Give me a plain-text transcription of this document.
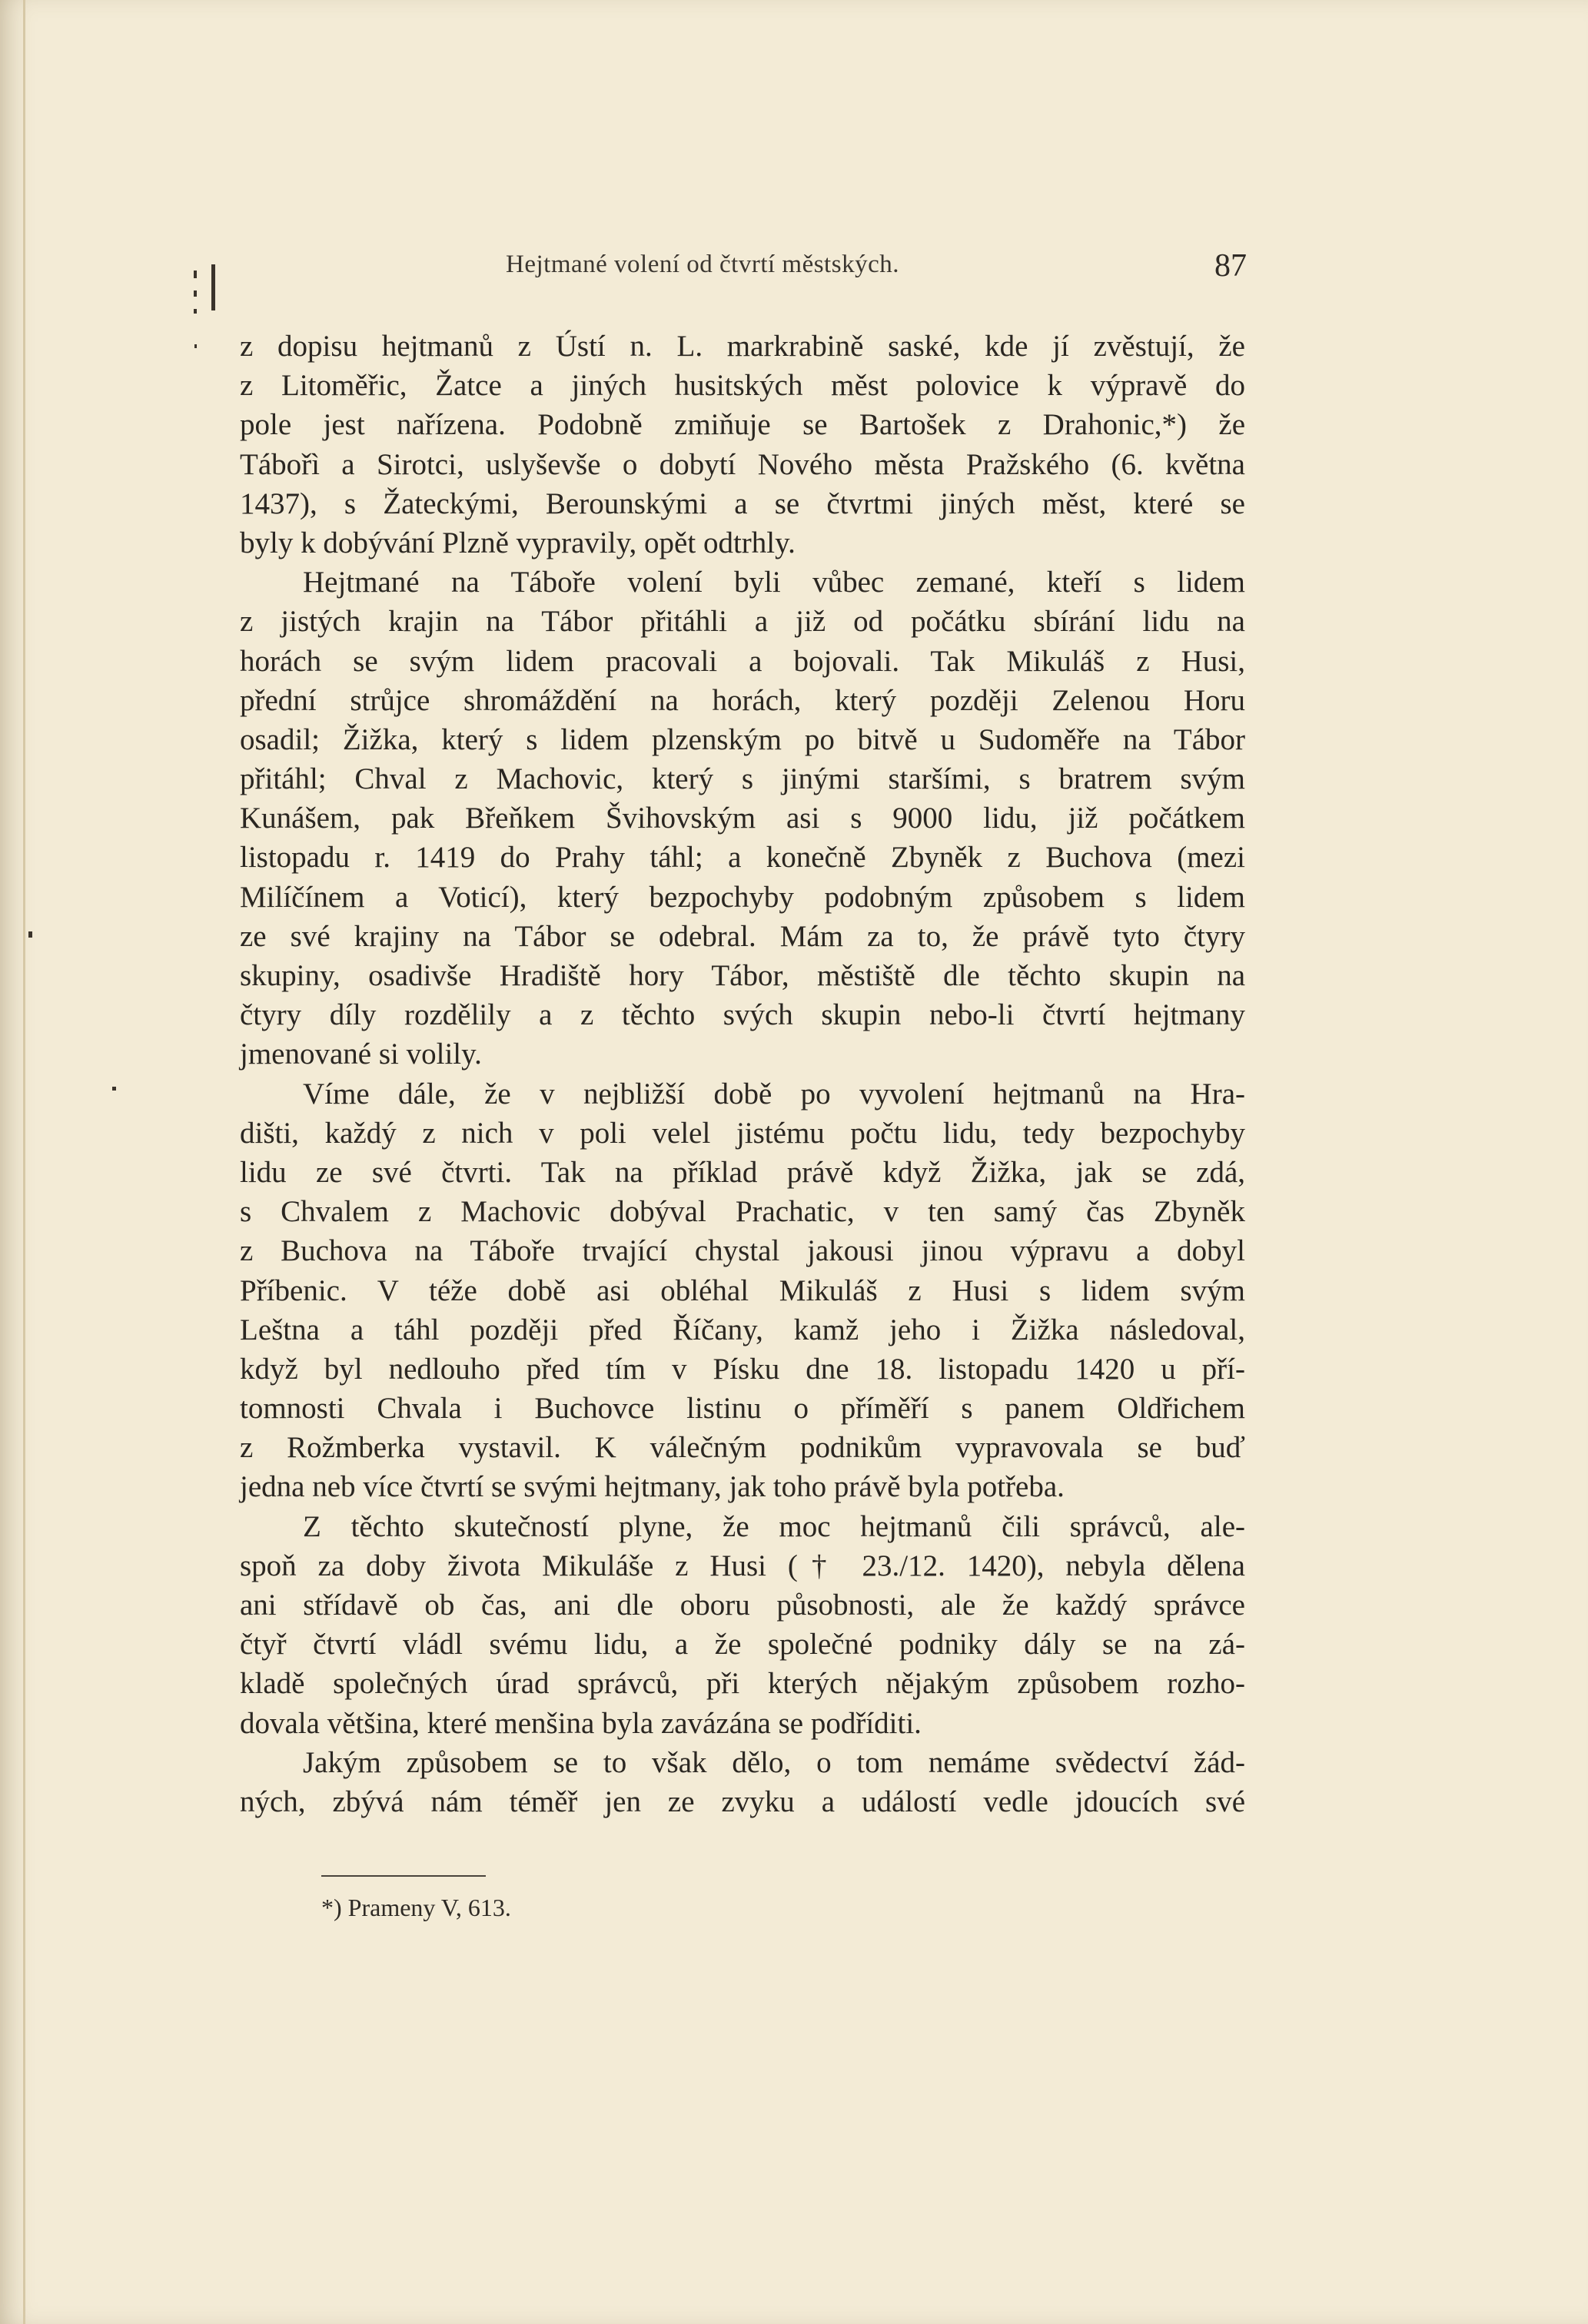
Hejtmané volení od čtvrtí městských.	87
z dopisu hejtmanů z Ústí n. L. markrabině saské, kde jí zvěstují, že
z Litoměřic, Žatce a jiných husitských měst polovice k výpravě do
pole jest nařízena. Podobně zmiňuje se Bartošek z Drahonic,*) že
Tábořì a Sirotci, uslyševše o dobytí Nového města Pražského (6. května
1437), s Žateckými, Berounskými a se čtvrtmi jiných měst, které se
byly k dobývání Plzně vypravily, opět odtrhly.
Hejtmané na Táboře volení byli vůbec zemané, kteří s lidem
z jistých krajin na Tábor přitáhli a již od počátku sbírání lidu na
horách se svým lidem pracovali a bojovali. Tak Mikuláš z Husi,
přední strůjce shromáždění na horách, který později Zelenou Horu
osadil; Žižka, který s lidem plzenským po bitvě u Sudoměře na Tábor
přitáhl; Chval z Machovic, který s jinými staršími, s bratrem svým
Kunášem, pak Břeňkem Švihovským asi s 9000 lidu, již počátkem
listopadu r. 1419 do Prahy táhl; a konečně Zbyněk z Buchova (mezi
Milíčínem a Voticí), který bezpochyby podobným způsobem s lidem
ze své krajiny na Tábor se odebral. Mám za to, že právě tyto čtyry
skupiny, osadivše Hradiště hory Tábor, městiště dle těchto skupin na
čtyry díly rozdělily a z těchto svých skupin nebo-li čtvrtí hejtmany
jmenované si volily.
Víme dále, že v nejbližší době po vyvolení hejtmanů na Hra-
dišti, každý z nich v poli velel jistému počtu lidu, tedy bezpochyby
lidu ze své čtvrti. Tak na příklad právě když Žižka, jak se zdá,
s Chvalem z Machovic dobýval Prachatic, v ten samý čas Zbyněk
z Buchova na Táboře trvající chystal jakousi jinou výpravu a dobyl
Příbenic. V téže době asi obléhal Mikuláš z Husi s lidem svým
Leštna a táhl později před Říčany, kamž jeho i Žižka následoval,
když byl nedlouho před tím v Písku dne 18. listopadu 1420 u pří-
tomnosti Chvala i Buchovce listinu o příměří s panem Oldřichem
z Rožmberka vystavil. K válečným podnikům vypravovala se buď
jedna neb více čtvrtí se svými hejtmany, jak toho právě byla potřeba.
Z těchto skutečností plyne, že moc hejtmanů čili správců, ale-
spoň za doby života Mikuláše z Husi († 23./12. 1420), nebyla dělena
ani střídavě ob čas, ani dle oboru působnosti, ale že každý správce
čtyř čtvrtí vládl svému lidu, a že společné podniky dály se na zá-
kladě společných úrad správců, při kterých nějakým způsobem rozho-
dovala většina, které menšina byla zavázána se podříditi.
Jakým způsobem se to však dělo, o tom nemáme svědectví žád-
ných, zbývá nám téměř jen ze zvyku a událostí vedle jdoucích své
*) Prameny V, 613.
